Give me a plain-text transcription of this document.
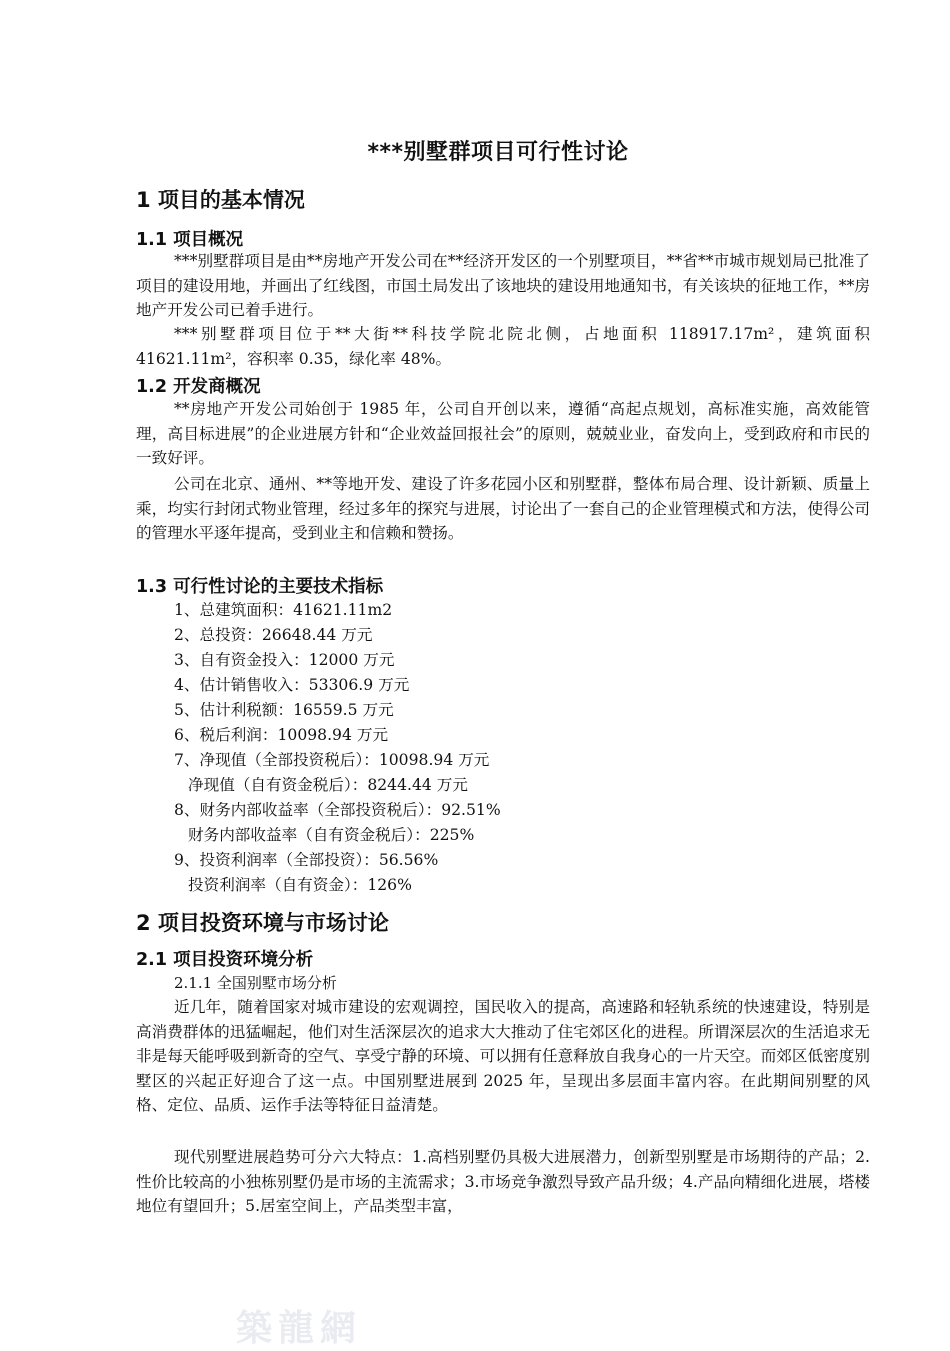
***别墅群项目可行性讨论
1 项目的基本情况
1.1 项目概况

***别墅群项目是由**房地产开发公司在**经济开发区的一个别墅项目，**省**市城市规划局已批准了项目的建设用地，并画出了红线图，市国土局发出了该地块的建设用地通知书，有关该块的征地工作，**房地产开发公司已着手进行。

***别墅群项目位于**大街**科技学院北院北侧，占地面积 118917.17m²，建筑面积 41621.11m²，容积率 0.35，绿化率 48%。

1.2 开发商概况

**房地产开发公司始创于 1985 年，公司自开创以来，遵循“高起点规划，高标准实施，高效能管理，高目标进展”的企业进展方针和“企业效益回报社会”的原则，兢兢业业，奋发向上，受到政府和市民的一致好评。

公司在北京、通州、**等地开发、建设了许多花园小区和别墅群，整体布局合理、设计新颖、质量上乘，均实行封闭式物业管理，经过多年的探究与进展，讨论出了一套自己的企业管理模式和方法，使得公司的管理水平逐年提高，受到业主和信赖和赞扬。

1.3 可行性讨论的主要技术指标
1、总建筑面积：41621.11m2
2、总投资：26648.44 万元
3、自有资金投入：12000 万元
4、估计销售收入：53306.9 万元
5、估计利税额：16559.5 万元
6、税后利润：10098.94 万元
7、净现值（全部投资税后）：10098.94 万元
净现值（自有资金税后）：8244.44 万元
8、财务内部收益率（全部投资税后）：92.51%
财务内部收益率（自有资金税后）：225%
9、投资利润率（全部投资）：56.56%
投资利润率（自有资金）：126%
2 项目投资环境与市场讨论
2.1 项目投资环境分析
2.1.1 全国别墅市场分析

近几年，随着国家对城市建设的宏观调控，国民收入的提高，高速路和轻轨系统的快速建设，特别是高消费群体的迅猛崛起，他们对生活深层次的追求大大推动了住宅郊区化的进程。所谓深层次的生活追求无非是每天能呼吸到新奇的空气、享受宁静的环境、可以拥有任意释放自我身心的一片天空。而郊区低密度别墅区的兴起正好迎合了这一点。中国别墅进展到 2025 年，呈现出多层面丰富内容。在此期间别墅的风格、定位、品质、运作手法等特征日益清楚。

现代别墅进展趋势可分六大特点：1.高档别墅仍具极大进展潜力，创新型别墅是市场期待的产品；2.性价比较高的小独栋别墅仍是市场的主流需求；3.市场竞争激烈导致产品升级；4.产品向精细化进展，塔楼地位有望回升；5.居室空间上，产品类型丰富，

築龍網
